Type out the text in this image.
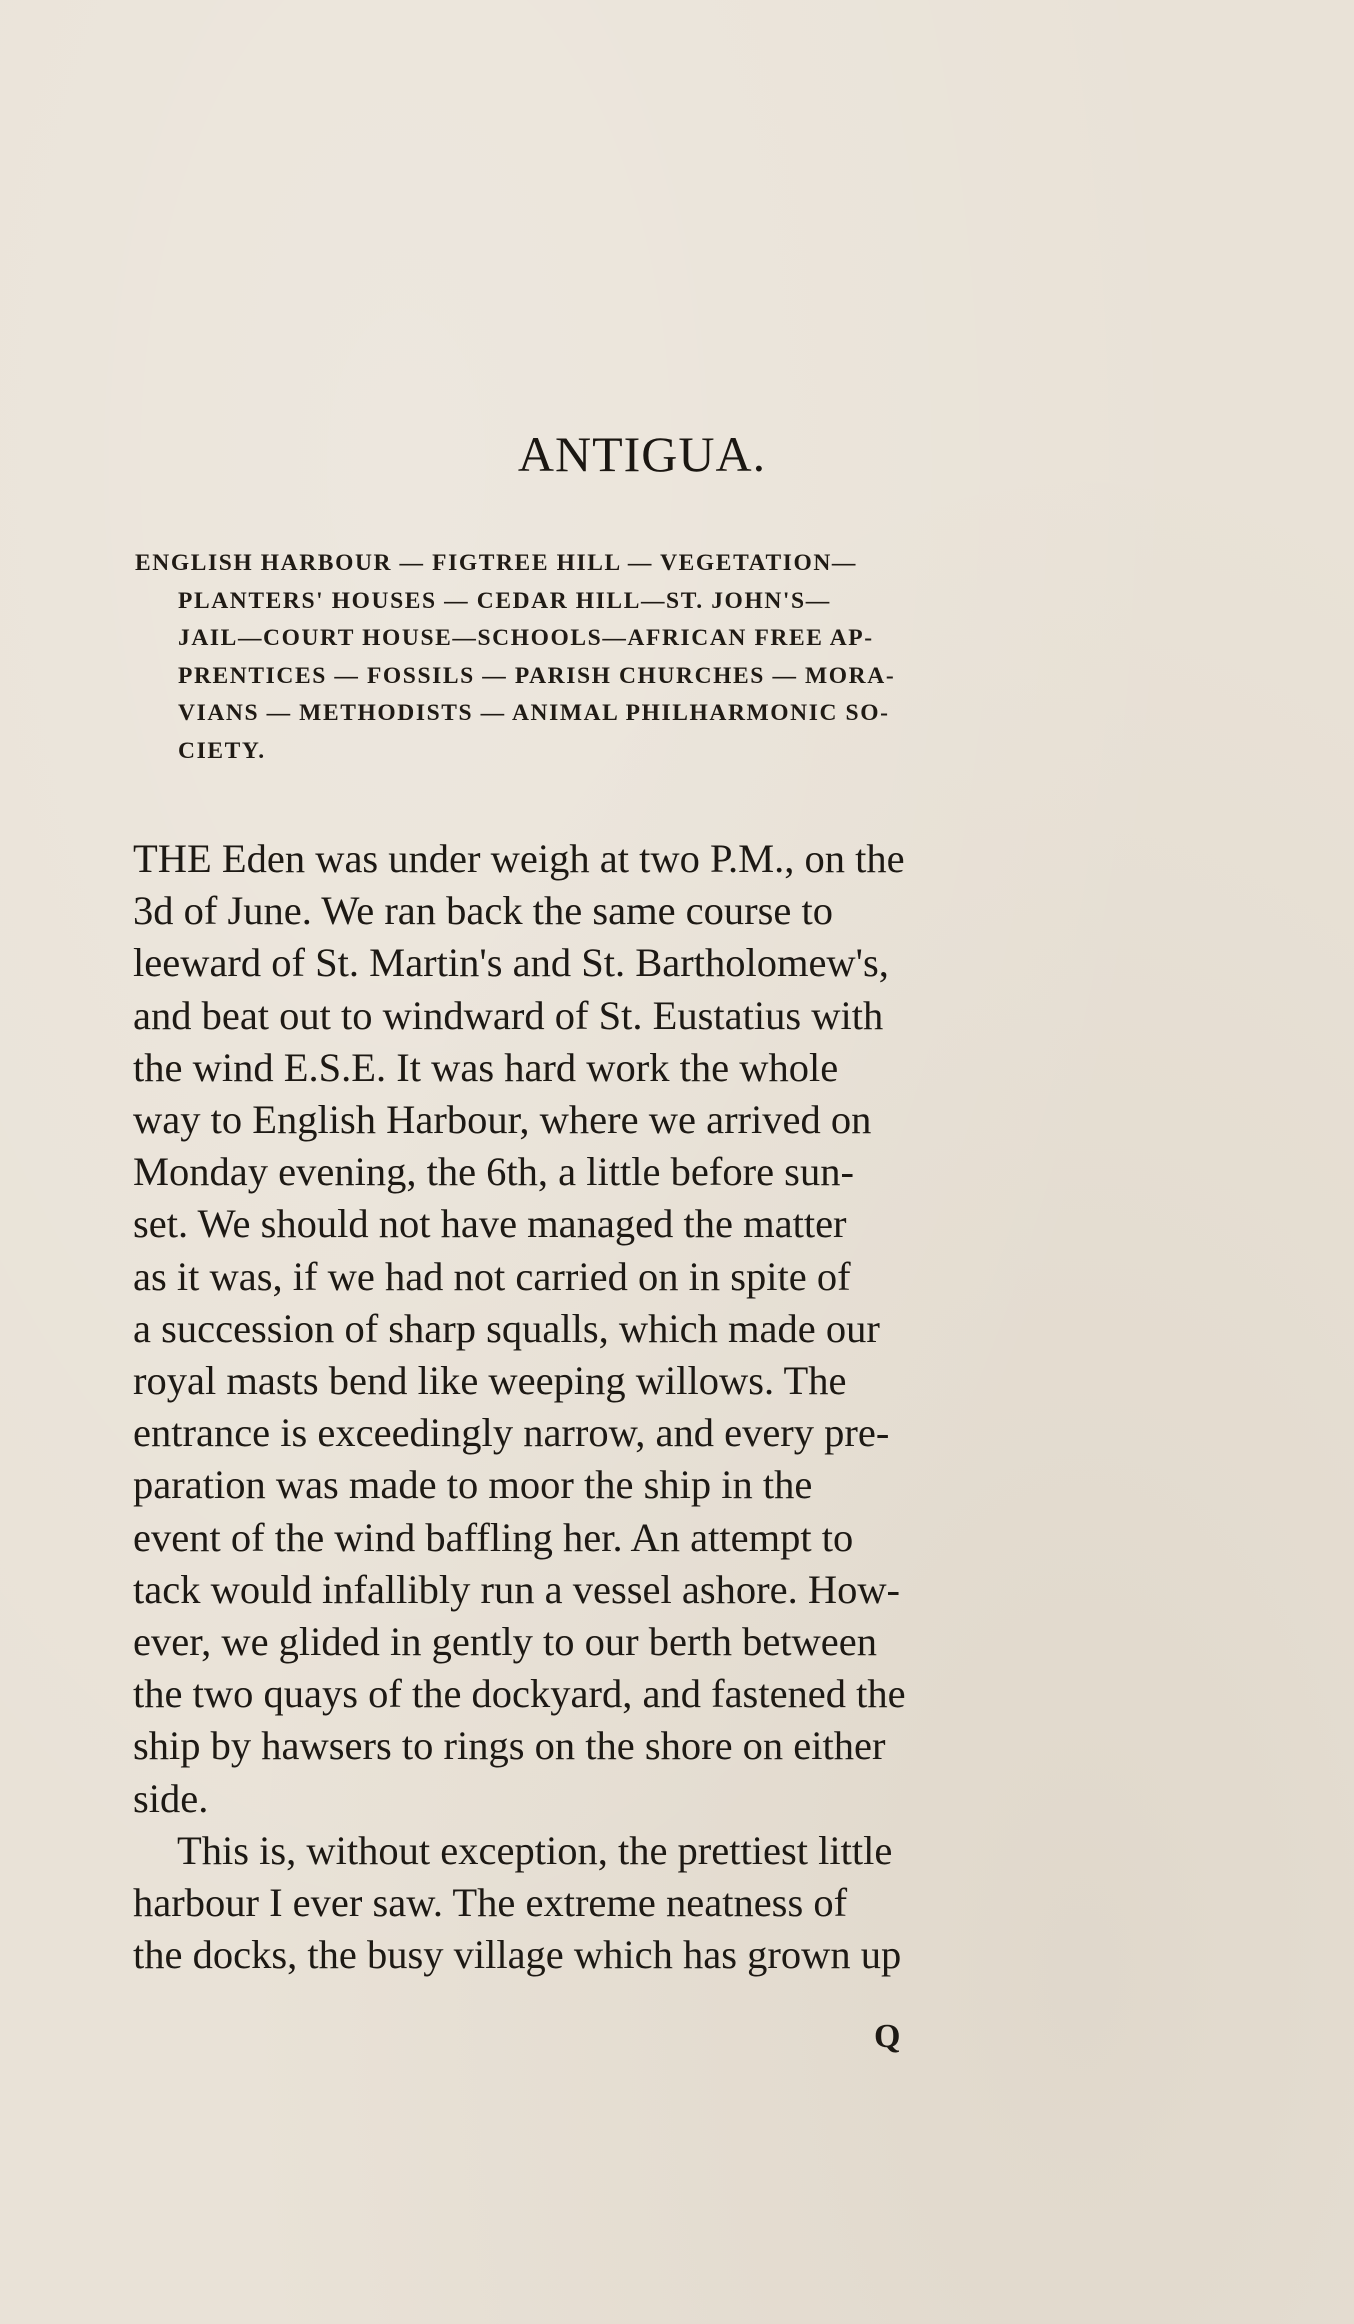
ANTIGUA.
ENGLISH HARBOUR — FIGTREE HILL — VEGETATION—
PLANTERS' HOUSES — CEDAR HILL—ST. JOHN'S—
JAIL—COURT HOUSE—SCHOOLS—AFRICAN FREE AP-
PRENTICES — FOSSILS — PARISH CHURCHES — MORA-
VIANS — METHODISTS — ANIMAL PHILHARMONIC SO-
CIETY.
THE Eden was under weigh at two P.M., on the
3d of June. We ran back the same course to
leeward of St. Martin's and St. Bartholomew's,
and beat out to windward of St. Eustatius with
the wind E.S.E. It was hard work the whole
way to English Harbour, where we arrived on
Monday evening, the 6th, a little before sun-
set. We should not have managed the matter
as it was, if we had not carried on in spite of
a succession of sharp squalls, which made our
royal masts bend like weeping willows. The
entrance is exceedingly narrow, and every pre-
paration was made to moor the ship in the
event of the wind baffling her. An attempt to
tack would infallibly run a vessel ashore. How-
ever, we glided in gently to our berth between
the two quays of the dockyard, and fastened the
ship by hawsers to rings on the shore on either
side.
This is, without exception, the prettiest little
harbour I ever saw. The extreme neatness of
the docks, the busy village which has grown up
Q
